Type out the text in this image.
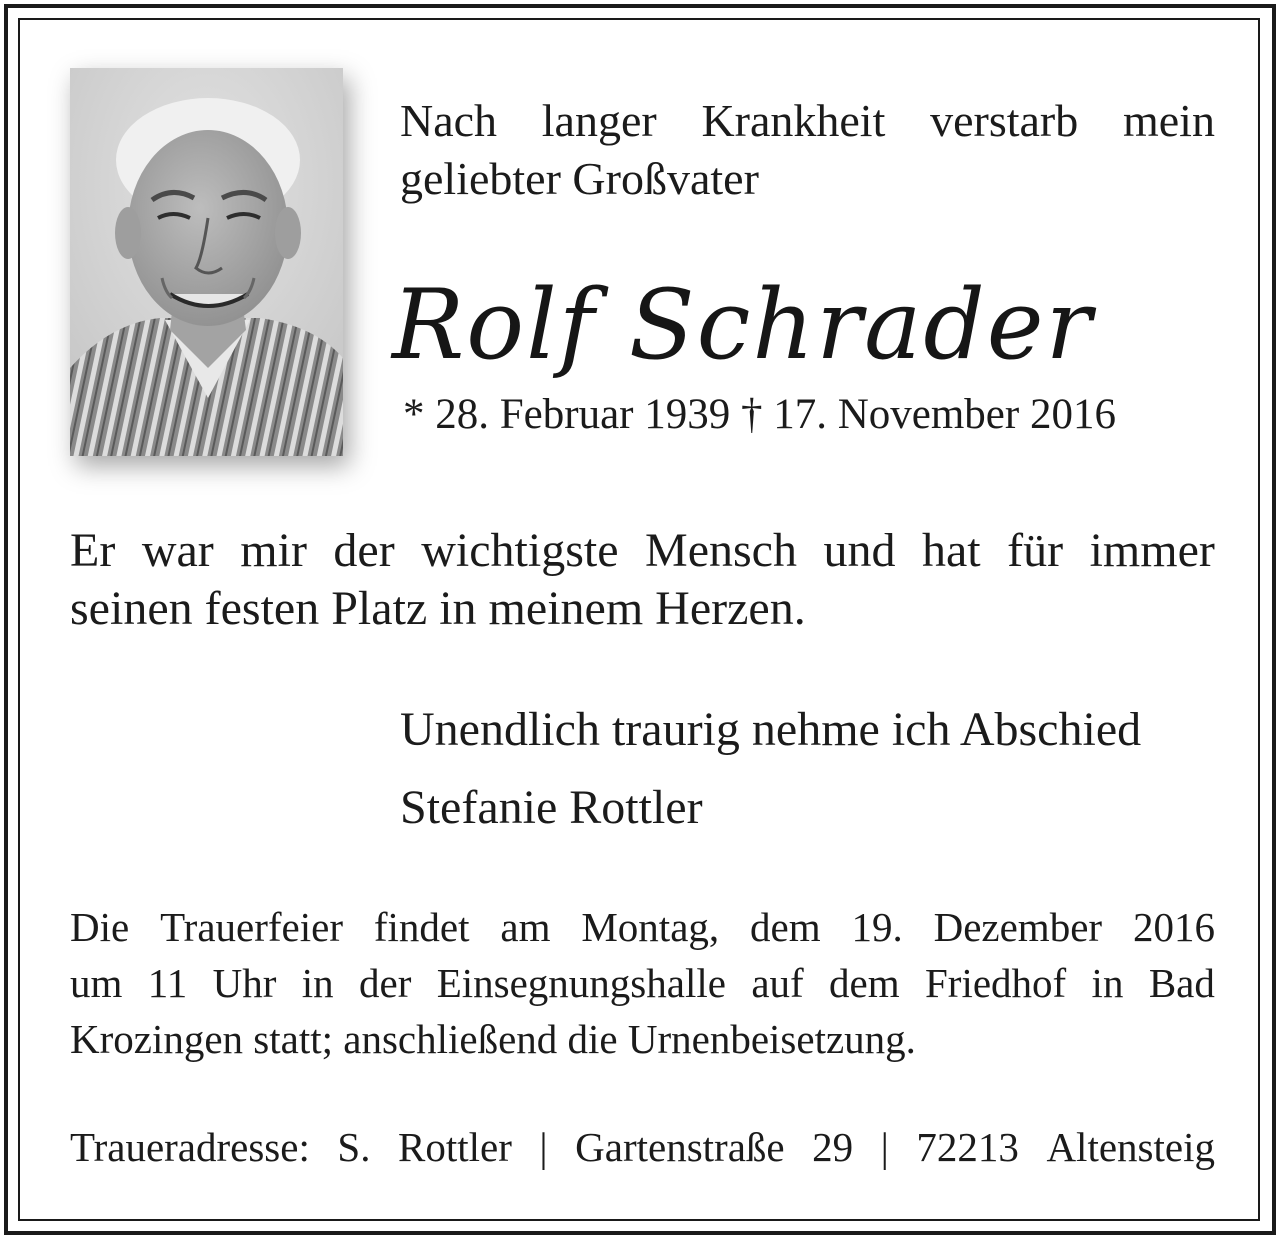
Nach langer Krankheit verstarb mein
geliebter Großvater
Rolf Schrader
* 28. Februar 1939 † 17. November 2016
Er war mir der wichtigste Mensch und hat für immer
seinen festen Platz in meinem Herzen.
Unendlich traurig nehme ich Abschied
Stefanie Rottler
Die Trauerfeier findet am Montag, dem 19. Dezember 2016
um 11 Uhr in der Einsegnungshalle auf dem Friedhof in Bad
Krozingen statt; anschließend die Urnenbeisetzung.
Traueradresse: S. Rottler | Gartenstraße 29 | 72213 Altensteig
